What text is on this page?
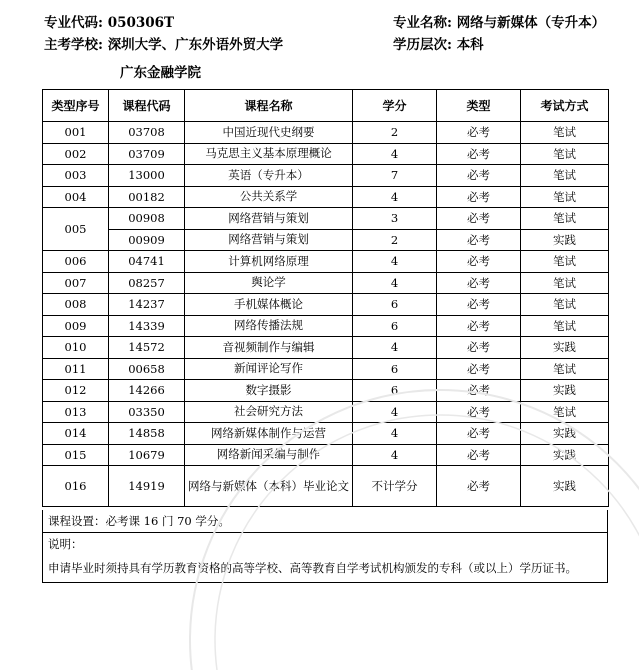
专业代码: 050306T	专业名称: 网络与新媒体（专升本）
主考学校: 深圳大学、广东外语外贸大学	学历层次: 本科
广东金融学院
类型序号	课程代码	课程名称	学分	类型	考试方式
001	03708	中国近现代史纲要	2	必考	笔试
002	03709	马克思主义基本原理概论	4	必考	笔试
003	13000	英语（专升本）	7	必考	笔试
004	00182	公共关系学	4	必考	笔试
005	00908	网络营销与策划	3	必考	笔试
	00909	网络营销与策划	2	必考	实践
006	04741	计算机网络原理	4	必考	笔试
007	08257	舆论学	4	必考	笔试
008	14237	手机媒体概论	6	必考	笔试
009	14339	网络传播法规	6	必考	笔试
010	14572	音视频制作与编辑	4	必考	实践
011	00658	新闻评论写作	6	必考	笔试
012	14266	数字摄影	6	必考	实践
013	03350	社会研究方法	4	必考	笔试
014	14858	网络新媒体制作与运营	4	必考	实践
015	10679	网络新闻采编与制作	4	必考	实践
016	14919	网络与新媒体（本科）毕业论文	不计学分	必考	实践
课程设置：必考课 16 门 70 学分。
说明：
申请毕业时须持具有学历教育资格的高等学校、高等教育自学考试机构颁发的专科（或以上）学历证书。
